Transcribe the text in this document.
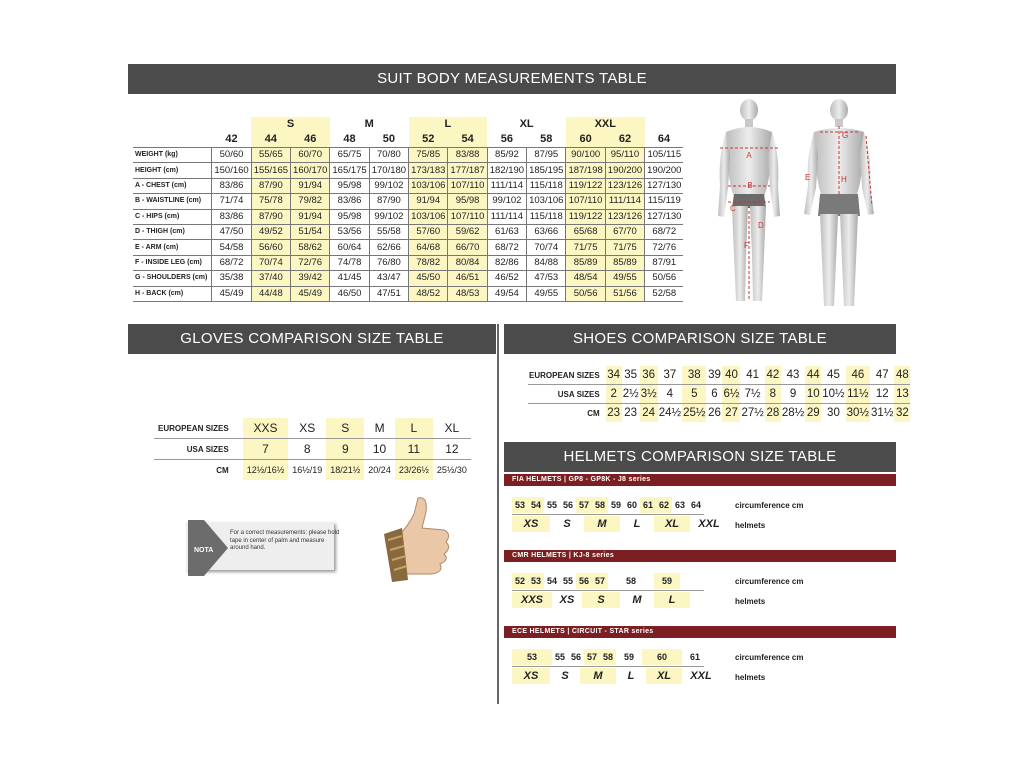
SUIT BODY MEASUREMENTS TABLE
		S		M		L		XL		XXL		
	42	44	46	48	50	52	54	56	58	60	62	64
WEIGHT (kg)	50/60	55/65	60/70	65/75	70/80	75/85	83/88	85/92	87/95	90/100	95/110	105/115
HEIGHT (cm)	150/160	155/165	160/170	165/175	170/180	173/183	177/187	182/190	185/195	187/198	190/200	190/200
A - CHEST (cm)	83/86	87/90	91/94	95/98	99/102	103/106	107/110	111/114	115/118	119/122	123/126	127/130
B - WAISTLINE (cm)	71/74	75/78	79/82	83/86	87/90	91/94	95/98	99/102	103/106	107/110	111/114	115/119
C - HIPS (cm)	83/86	87/90	91/94	95/98	99/102	103/106	107/110	111/114	115/118	119/122	123/126	127/130
D - THIGH (cm)	47/50	49/52	51/54	53/56	55/58	57/60	59/62	61/63	63/66	65/68	67/70	68/72
E - ARM (cm)	54/58	56/60	58/62	60/64	62/66	64/68	66/70	68/72	70/74	71/75	71/75	72/76
F - INSIDE LEG (cm)	68/72	70/74	72/76	74/78	76/80	78/82	80/84	82/86	84/88	85/89	85/89	87/91
G - SHOULDERS (cm)	35/38	37/40	39/42	41/45	43/47	45/50	46/51	46/52	47/53	48/54	49/55	50/56
H - BACK (cm)	45/49	44/48	45/49	46/50	47/51	48/52	48/53	49/54	49/55	50/56	51/56	52/58
A
B
C
D
F
G
H
E
GLOVES COMPARISON SIZE TABLE
EUROPEAN SIZES	XXS	XS	S	M	L	XL
USA SIZES	7	8	9	10	11	12
CM	12½/16½	16½/19	18/21½	20/24	23/26½	25½/30
NOTA
For a correct measurements: please hold tape in center of palm and measure around hand.
SHOES COMPARISON SIZE TABLE
EUROPEAN SIZES	34	35	36	37	38	39	40	41	42	43	44	45	46	47	48
USA SIZES	2	2½	3½	4	5	6	6½	7½	8	9	10	10½	11½	12	13
CM	23	23	24	24½	25½	26	27	27½	28	28½	29	30	30½	31½	32
HELMETS COMPARISON SIZE TABLE
FIA HELMETS | GP8 - GP8K - J8 series
53 54 55 56 57 58 59 60 61 62 63 64
XS	S	M	L	XL	XXL
circumference cm
helmets
CMR HELMETS | KJ-8 series
52 53 54 55 56 57	58	59
XXS	XS	S	M	L
circumference cm
helmets
ECE HELMETS | CIRCUIT - STAR series
53	55 56 57 58	59	60	61
XS	S	M	L	XL	XXL
circumference cm
helmets
